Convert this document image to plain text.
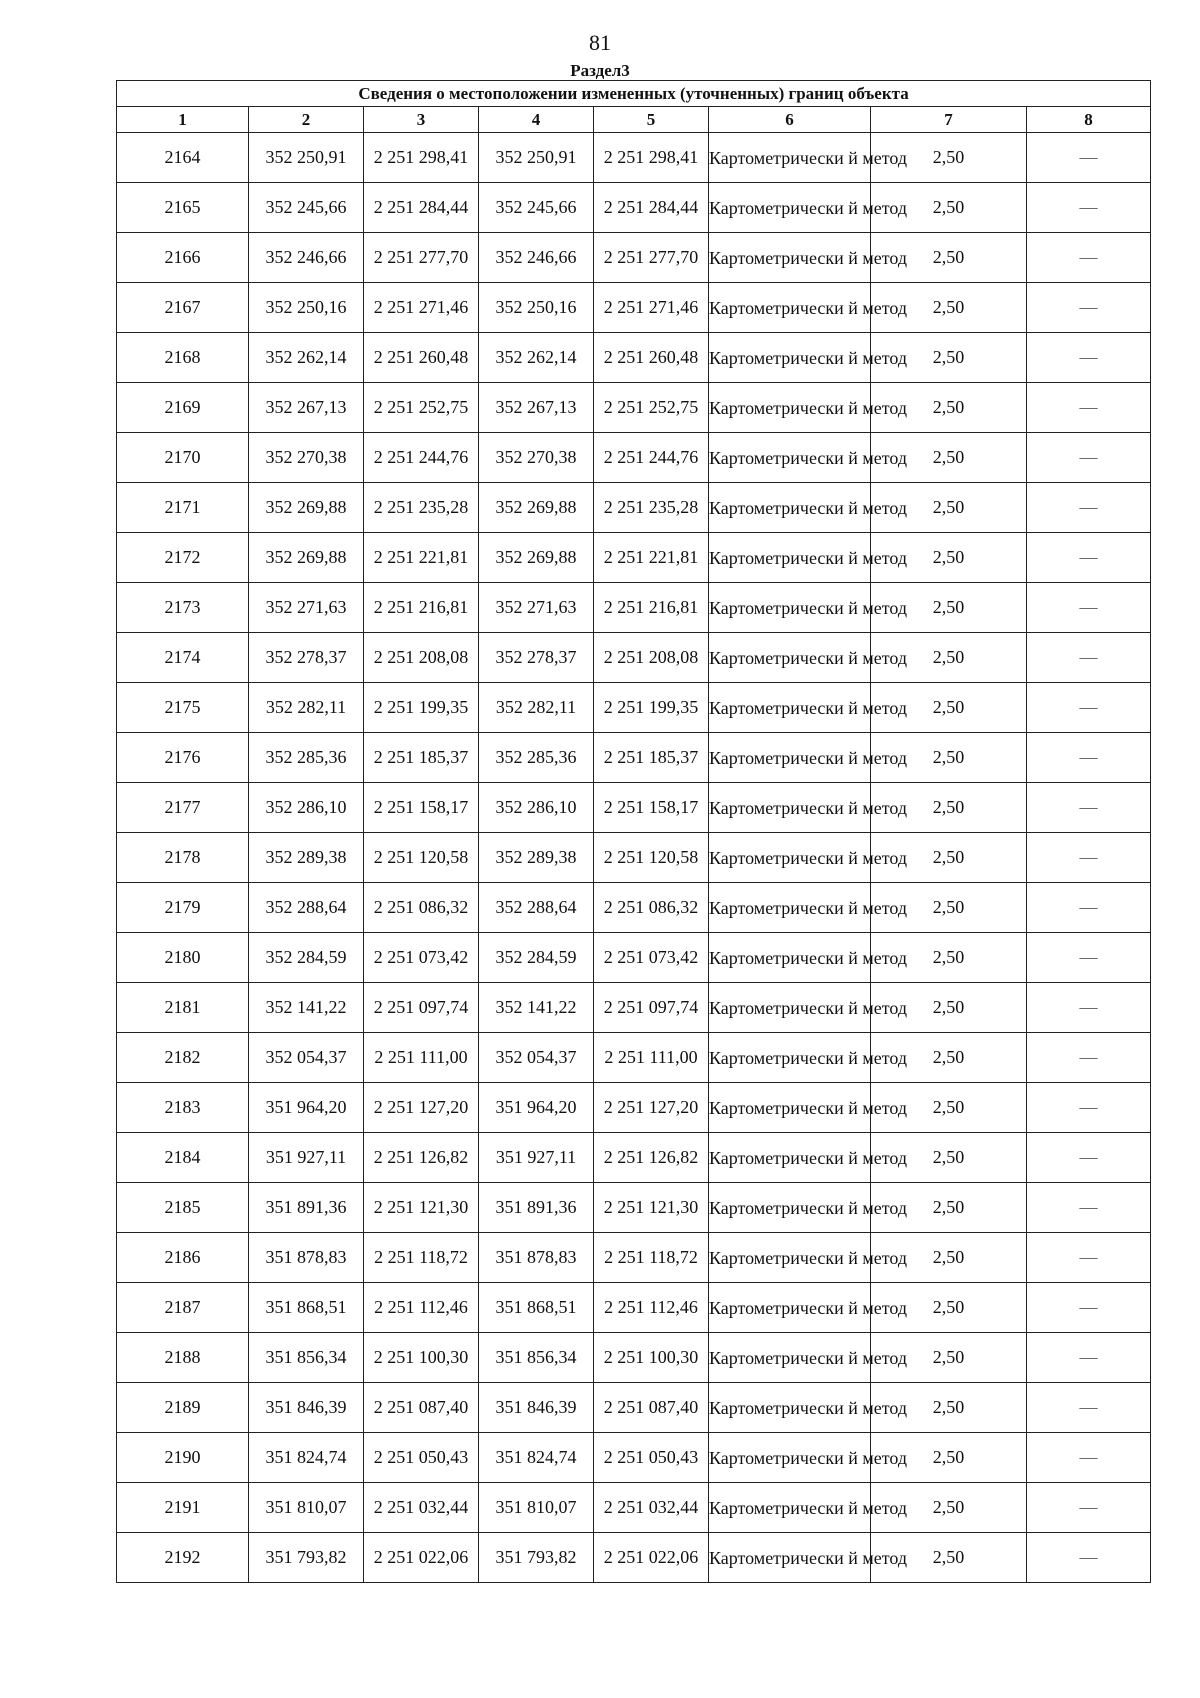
81
Раздел3
Сведения о местоположении измененных (уточненных) границ объекта							
1	2	3	4	5	6	7	8
2164	352 250,91	2 251 298,41	352 250,91	2 251 298,41	Картометрически й метод	2,50	—
2165	352 245,66	2 251 284,44	352 245,66	2 251 284,44	Картометрически й метод	2,50	—
2166	352 246,66	2 251 277,70	352 246,66	2 251 277,70	Картометрически й метод	2,50	—
2167	352 250,16	2 251 271,46	352 250,16	2 251 271,46	Картометрически й метод	2,50	—
2168	352 262,14	2 251 260,48	352 262,14	2 251 260,48	Картометрически й метод	2,50	—
2169	352 267,13	2 251 252,75	352 267,13	2 251 252,75	Картометрически й метод	2,50	—
2170	352 270,38	2 251 244,76	352 270,38	2 251 244,76	Картометрически й метод	2,50	—
2171	352 269,88	2 251 235,28	352 269,88	2 251 235,28	Картометрически й метод	2,50	—
2172	352 269,88	2 251 221,81	352 269,88	2 251 221,81	Картометрически й метод	2,50	—
2173	352 271,63	2 251 216,81	352 271,63	2 251 216,81	Картометрически й метод	2,50	—
2174	352 278,37	2 251 208,08	352 278,37	2 251 208,08	Картометрически й метод	2,50	—
2175	352 282,11	2 251 199,35	352 282,11	2 251 199,35	Картометрически й метод	2,50	—
2176	352 285,36	2 251 185,37	352 285,36	2 251 185,37	Картометрически й метод	2,50	—
2177	352 286,10	2 251 158,17	352 286,10	2 251 158,17	Картометрически й метод	2,50	—
2178	352 289,38	2 251 120,58	352 289,38	2 251 120,58	Картометрически й метод	2,50	—
2179	352 288,64	2 251 086,32	352 288,64	2 251 086,32	Картометрически й метод	2,50	—
2180	352 284,59	2 251 073,42	352 284,59	2 251 073,42	Картометрически й метод	2,50	—
2181	352 141,22	2 251 097,74	352 141,22	2 251 097,74	Картометрически й метод	2,50	—
2182	352 054,37	2 251 111,00	352 054,37	2 251 111,00	Картометрически й метод	2,50	—
2183	351 964,20	2 251 127,20	351 964,20	2 251 127,20	Картометрически й метод	2,50	—
2184	351 927,11	2 251 126,82	351 927,11	2 251 126,82	Картометрически й метод	2,50	—
2185	351 891,36	2 251 121,30	351 891,36	2 251 121,30	Картометрически й метод	2,50	—
2186	351 878,83	2 251 118,72	351 878,83	2 251 118,72	Картометрически й метод	2,50	—
2187	351 868,51	2 251 112,46	351 868,51	2 251 112,46	Картометрически й метод	2,50	—
2188	351 856,34	2 251 100,30	351 856,34	2 251 100,30	Картометрически й метод	2,50	—
2189	351 846,39	2 251 087,40	351 846,39	2 251 087,40	Картометрически й метод	2,50	—
2190	351 824,74	2 251 050,43	351 824,74	2 251 050,43	Картометрически й метод	2,50	—
2191	351 810,07	2 251 032,44	351 810,07	2 251 032,44	Картометрически й метод	2,50	—
2192	351 793,82	2 251 022,06	351 793,82	2 251 022,06	Картометрически й метод	2,50	—
